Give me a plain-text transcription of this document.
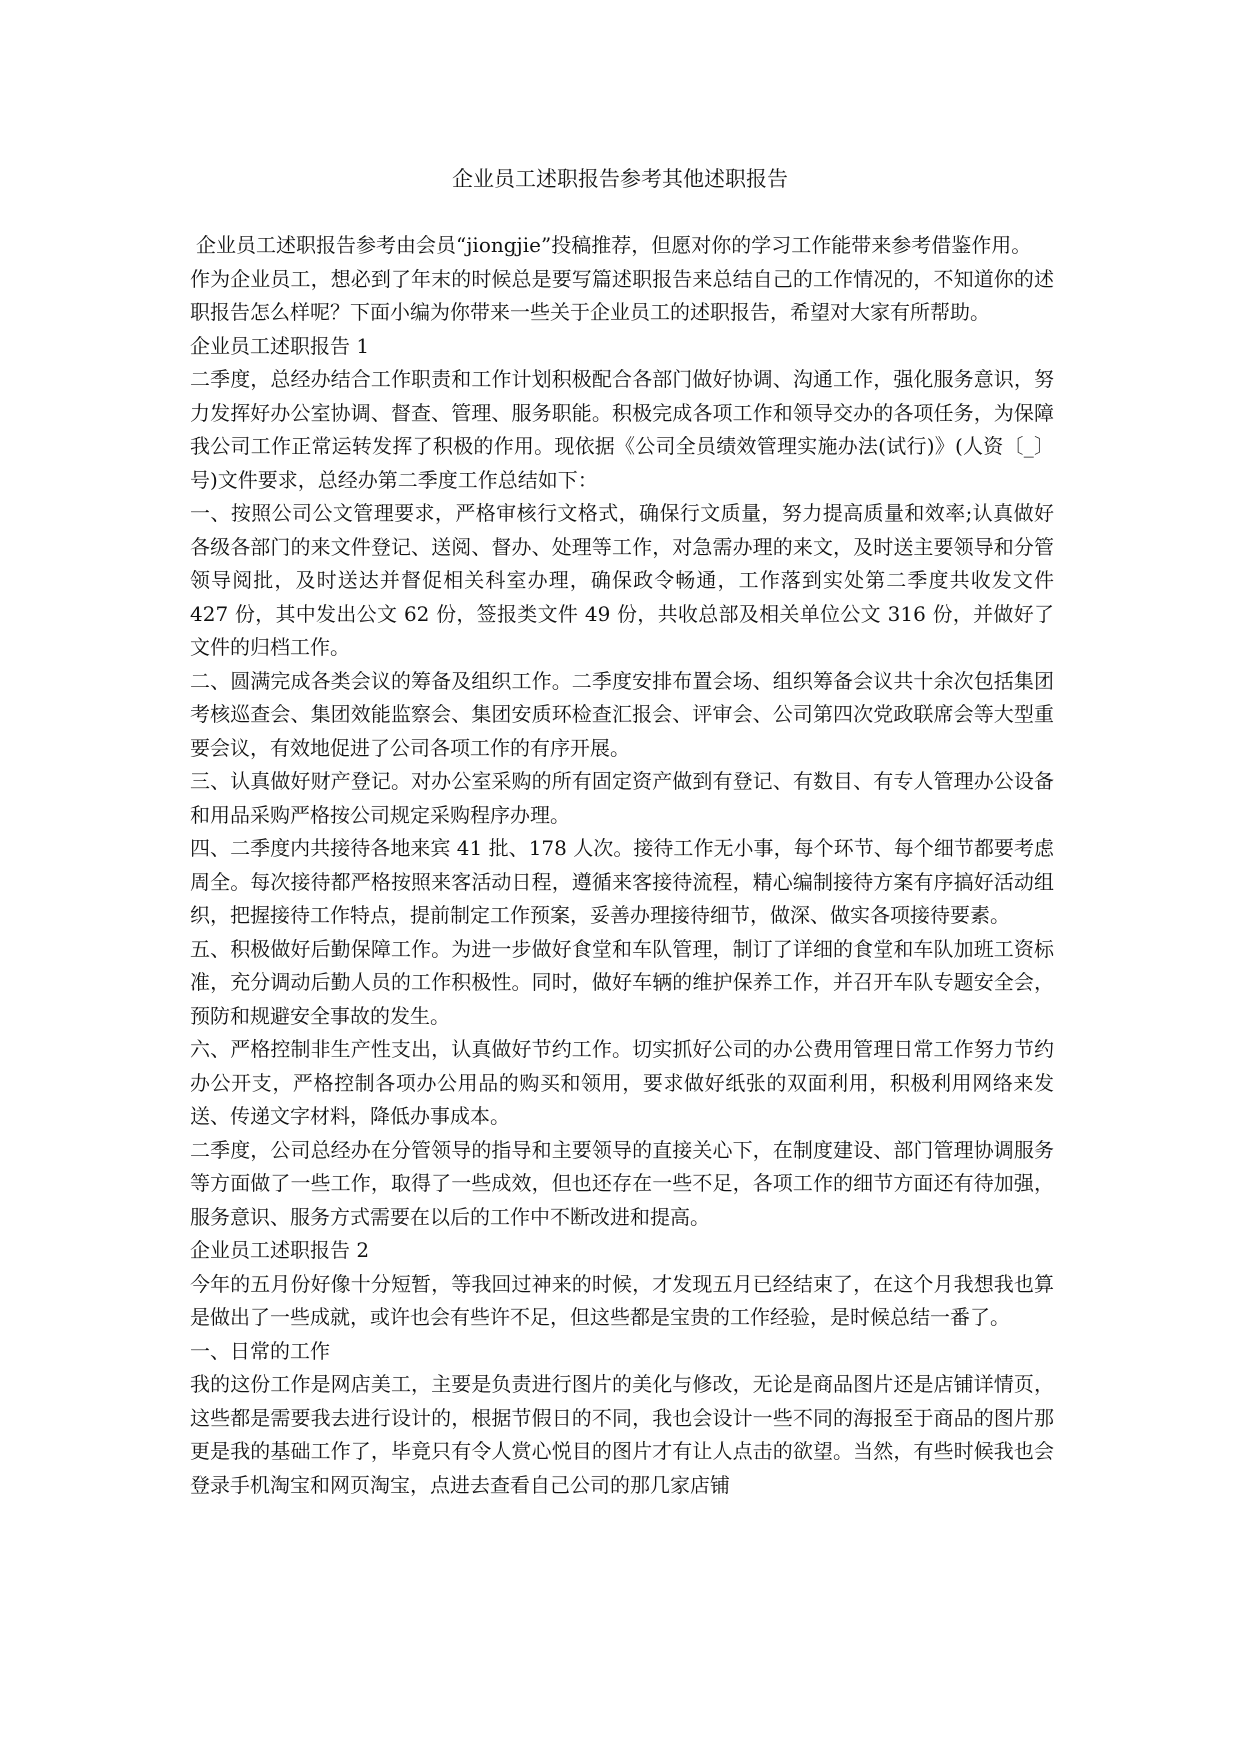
企业员工述职报告参考其他述职报告

企业员工述职报告参考由会员“jiongjie”投稿推荐，但愿对你的学习工作能带来参考借鉴作用。

作为企业员工，想必到了年末的时候总是要写篇述职报告来总结自己的工作情况的，不知道你的述职报告怎么样呢？下面小编为你带来一些关于企业员工的述职报告，希望对大家有所帮助。

企业员工述职报告 1

二季度，总经办结合工作职责和工作计划积极配合各部门做好协调、沟通工作，强化服务意识，努力发挥好办公室协调、督查、管理、服务职能。积极完成各项工作和领导交办的各项任务，为保障我公司工作正常运转发挥了积极的作用。现依据《公司全员绩效管理实施办法(试行)》(人资〔_〕号)文件要求，总经办第二季度工作总结如下：

一、按照公司公文管理要求，严格审核行文格式，确保行文质量，努力提高质量和效率;认真做好各级各部门的来文件登记、送阅、督办、处理等工作，对急需办理的来文，及时送主要领导和分管领导阅批，及时送达并督促相关科室办理，确保政令畅通，工作落到实处第二季度共收发文件 427 份，其中发出公文 62 份，签报类文件 49 份，共收总部及相关单位公文 316 份，并做好了文件的归档工作。

二、圆满完成各类会议的筹备及组织工作。二季度安排布置会场、组织筹备会议共十余次包括集团考核巡查会、集团效能监察会、集团安质环检查汇报会、评审会、公司第四次党政联席会等大型重要会议，有效地促进了公司各项工作的有序开展。

三、认真做好财产登记。对办公室采购的所有固定资产做到有登记、有数目、有专人管理办公设备和用品采购严格按公司规定采购程序办理。

四、二季度内共接待各地来宾 41 批、178 人次。接待工作无小事，每个环节、每个细节都要考虑周全。每次接待都严格按照来客活动日程，遵循来客接待流程，精心编制接待方案有序搞好活动组织，把握接待工作特点，提前制定工作预案，妥善办理接待细节，做深、做实各项接待要素。

五、积极做好后勤保障工作。为进一步做好食堂和车队管理，制订了详细的食堂和车队加班工资标准，充分调动后勤人员的工作积极性。同时，做好车辆的维护保养工作，并召开车队专题安全会，预防和规避安全事故的发生。

六、严格控制非生产性支出，认真做好节约工作。切实抓好公司的办公费用管理日常工作努力节约办公开支，严格控制各项办公用品的购买和领用，要求做好纸张的双面利用，积极利用网络来发送、传递文字材料，降低办事成本。

二季度，公司总经办在分管领导的指导和主要领导的直接关心下，在制度建设、部门管理协调服务等方面做了一些工作，取得了一些成效，但也还存在一些不足，各项工作的细节方面还有待加强，服务意识、服务方式需要在以后的工作中不断改进和提高。

企业员工述职报告 2

今年的五月份好像十分短暂，等我回过神来的时候，才发现五月已经结束了，在这个月我想我也算是做出了一些成就，或许也会有些许不足，但这些都是宝贵的工作经验，是时候总结一番了。

一、日常的工作

我的这份工作是网店美工，主要是负责进行图片的美化与修改，无论是商品图片还是店铺详情页，这些都是需要我去进行设计的，根据节假日的不同，我也会设计一些不同的海报至于商品的图片那更是我的基础工作了，毕竟只有令人赏心悦目的图片才有让人点击的欲望。当然，有些时候我也会登录手机淘宝和网页淘宝，点进去查看自己公司的那几家店铺
